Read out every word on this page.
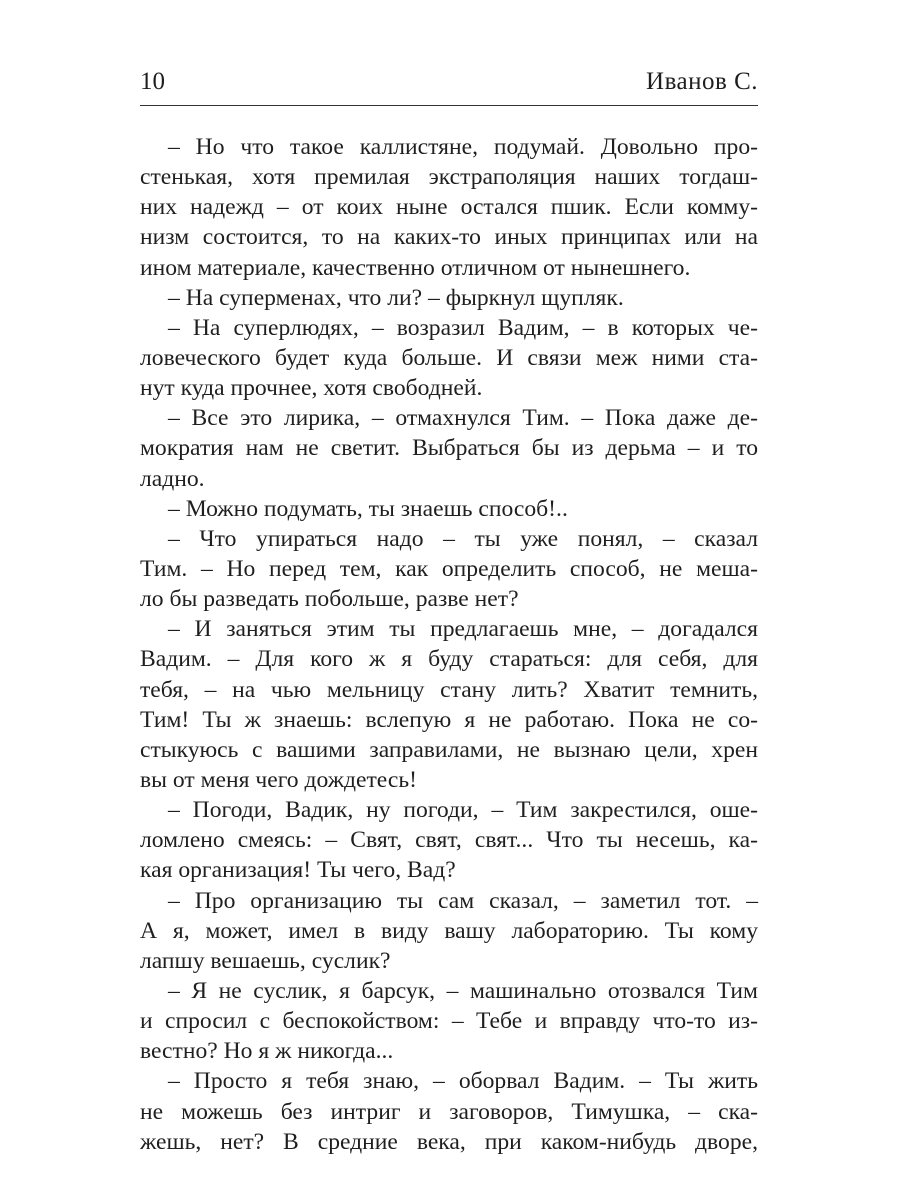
10	Иванов С.
– Но что такое каллистяне, подумай. Довольно про-
стенькая, хотя премилая экстраполяция наших тогдаш-
них надежд – от коих ныне остался пшик. Если комму-
низм состоится, то на каких-то иных принципах или на
ином материале, качественно отличном от нынешнего.
– На суперменах, что ли? – фыркнул щупляк.
– На суперлюдях, – возразил Вадим, – в которых че-
ловеческого будет куда больше. И связи меж ними ста-
нут куда прочнее, хотя свободней.
– Все это лирика, – отмахнулся Тим. – Пока даже де-
мократия нам не светит. Выбраться бы из дерьма – и то
ладно.
– Можно подумать, ты знаешь способ!..
– Что упираться надо – ты уже понял, – сказал
Тим. – Но перед тем, как определить способ, не меша-
ло бы разведать побольше, разве нет?
– И заняться этим ты предлагаешь мне, – догадался
Вадим. – Для кого ж я буду стараться: для себя, для
тебя, – на чью мельницу стану лить? Хватит темнить,
Тим! Ты ж знаешь: вслепую я не работаю. Пока не со-
стыкуюсь с вашими заправилами, не вызнаю цели, хрен
вы от меня чего дождетесь!
– Погоди, Вадик, ну погоди, – Тим закрестился, оше-
ломлено смеясь: – Свят, свят, свят... Что ты несешь, ка-
кая организация! Ты чего, Вад?
– Про организацию ты сам сказал, – заметил тот. –
А я, может, имел в виду вашу лабораторию. Ты кому
лапшу вешаешь, суслик?
– Я не суслик, я барсук, – машинально отозвался Тим
и спросил с беспокойством: – Тебе и вправду что-то из-
вестно? Но я ж никогда...
– Просто я тебя знаю, – оборвал Вадим. – Ты жить
не можешь без интриг и заговоров, Тимушка, – ска-
жешь, нет? В средние века, при каком-нибудь дворе,
